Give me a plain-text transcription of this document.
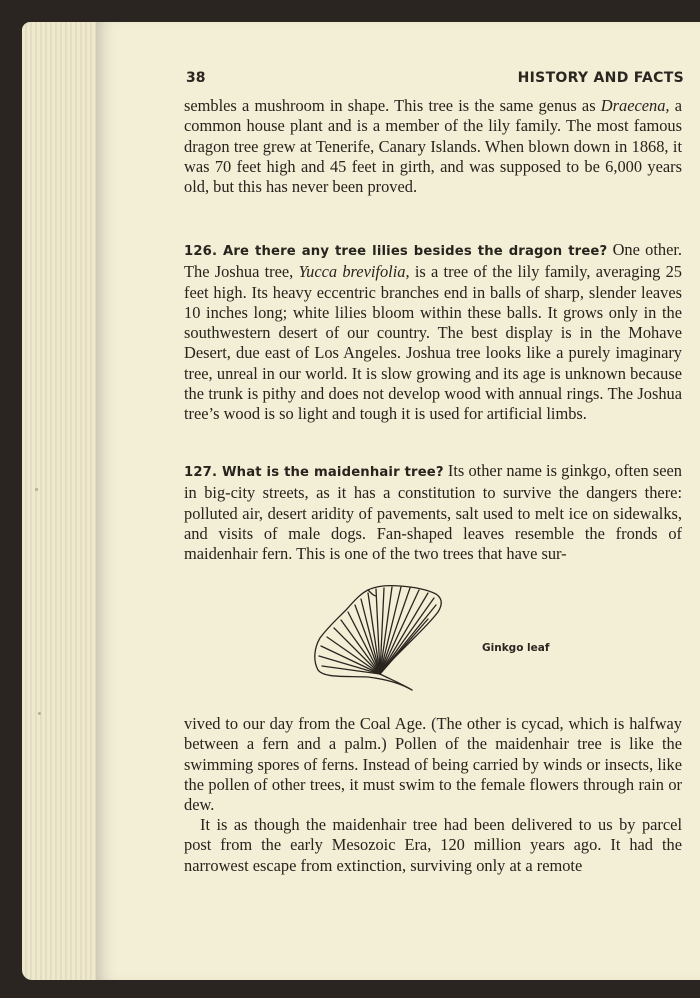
38	HISTORY AND FACTS
sembles a mushroom in shape. This tree is the same genus as Draecena, a common house plant and is a member of the lily family. The most famous dragon tree grew at Tenerife, Canary Islands. When blown down in 1868, it was 70 feet high and 45 feet in girth, and was supposed to be 6,000 years old, but this has never been proved.
126. Are there any tree lilies besides the dragon tree? One other. The Joshua tree, Yucca brevifolia, is a tree of the lily family, averaging 25 feet high. Its heavy eccentric branches end in balls of sharp, slender leaves 10 inches long; white lilies bloom within these balls. It grows only in the southwestern desert of our country. The best display is in the Mohave Desert, due east of Los Angeles. Joshua tree looks like a purely imaginary tree, unreal in our world. It is slow growing and its age is unknown because the trunk is pithy and does not develop wood with annual rings. The Joshua tree’s wood is so light and tough it is used for artificial limbs.
127. What is the maidenhair tree? Its other name is ginkgo, often seen in big-city streets, as it has a constitution to survive the dangers there: polluted air, desert aridity of pavements, salt used to melt ice on sidewalks, and visits of male dogs. Fan-shaped leaves resemble the fronds of maidenhair fern. This is one of the two trees that have sur-
Ginkgo leaf
vived to our day from the Coal Age. (The other is cycad, which is halfway between a fern and a palm.) Pollen of the maidenhair tree is like the swimming spores of ferns. Instead of being carried by winds or insects, like the pollen of other trees, it must swim to the female flowers through rain or dew.
It is as though the maidenhair tree had been delivered to us by parcel post from the early Mesozoic Era, 120 million years ago. It had the narrowest escape from extinction, surviving only at a remote
